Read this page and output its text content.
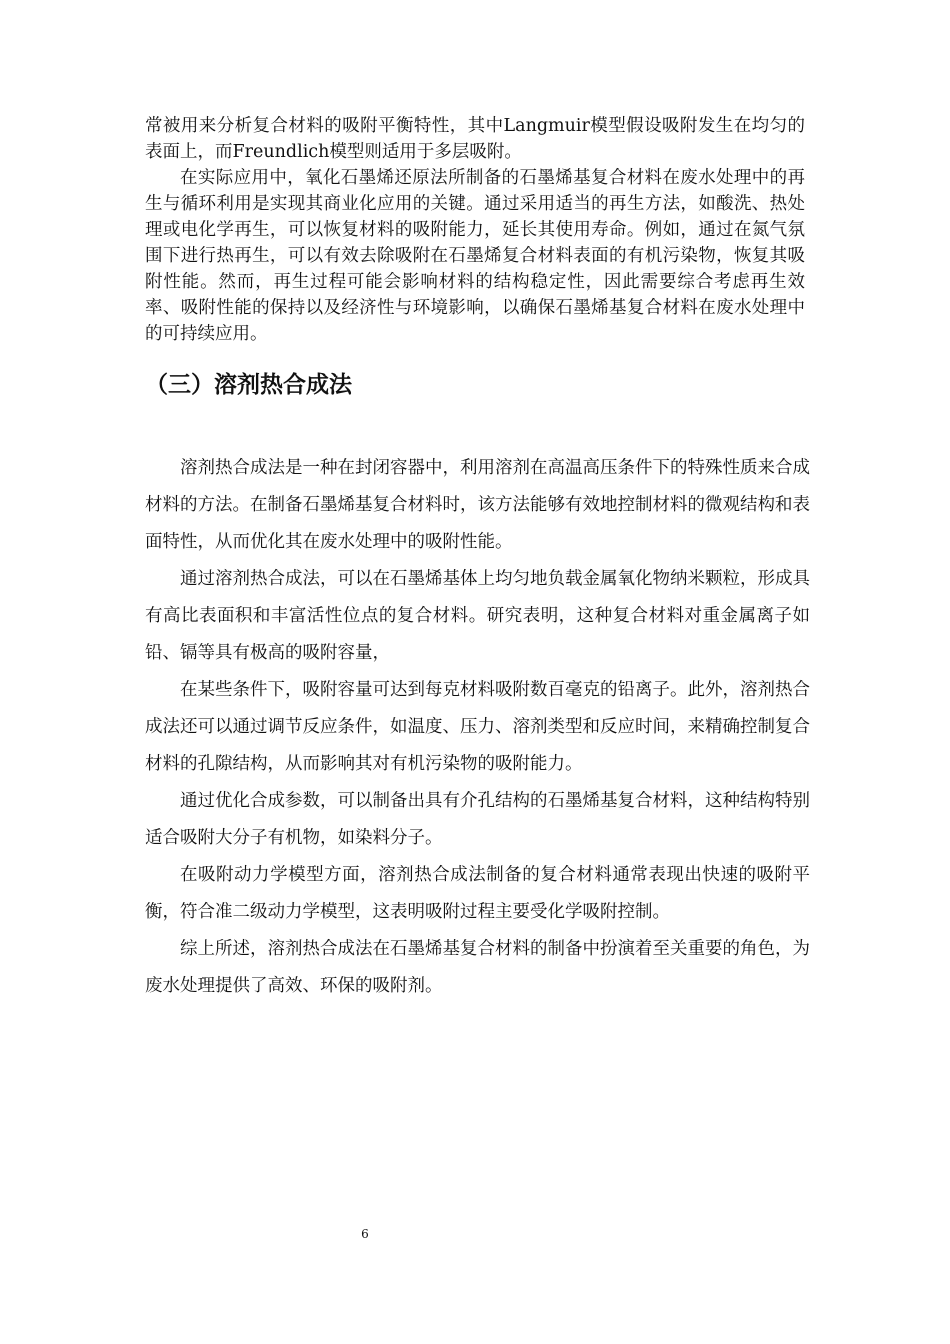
常被用来分析复合材料的吸附平衡特性，其中Langmuir模型假设吸附发生在均匀的表面上，而Freundlich模型则适用于多层吸附。

在实际应用中，氧化石墨烯还原法所制备的石墨烯基复合材料在废水处理中的再生与循环利用是实现其商业化应用的关键。通过采用适当的再生方法，如酸洗、热处理或电化学再生，可以恢复材料的吸附能力，延长其使用寿命。例如，通过在氮气氛围下进行热再生，可以有效去除吸附在石墨烯复合材料表面的有机污染物，恢复其吸附性能。然而，再生过程可能会影响材料的结构稳定性，因此需要综合考虑再生效率、吸附性能的保持以及经济性与环境影响，以确保石墨烯基复合材料在废水处理中的可持续应用。

（三）溶剂热合成法

溶剂热合成法是一种在封闭容器中，利用溶剂在高温高压条件下的特殊性质来合成材料的方法。在制备石墨烯基复合材料时，该方法能够有效地控制材料的微观结构和表面特性，从而优化其在废水处理中的吸附性能。

通过溶剂热合成法，可以在石墨烯基体上均匀地负载金属氧化物纳米颗粒，形成具有高比表面积和丰富活性位点的复合材料。研究表明，这种复合材料对重金属离子如铅、镉等具有极高的吸附容量，

在某些条件下，吸附容量可达到每克材料吸附数百毫克的铅离子。此外，溶剂热合成法还可以通过调节反应条件，如温度、压力、溶剂类型和反应时间，来精确控制复合材料的孔隙结构，从而影响其对有机污染物的吸附能力。

通过优化合成参数，可以制备出具有介孔结构的石墨烯基复合材料，这种结构特别适合吸附大分子有机物，如染料分子。

在吸附动力学模型方面，溶剂热合成法制备的复合材料通常表现出快速的吸附平衡，符合准二级动力学模型，这表明吸附过程主要受化学吸附控制。

综上所述，溶剂热合成法在石墨烯基复合材料的制备中扮演着至关重要的角色，为废水处理提供了高效、环保的吸附剂。

6
